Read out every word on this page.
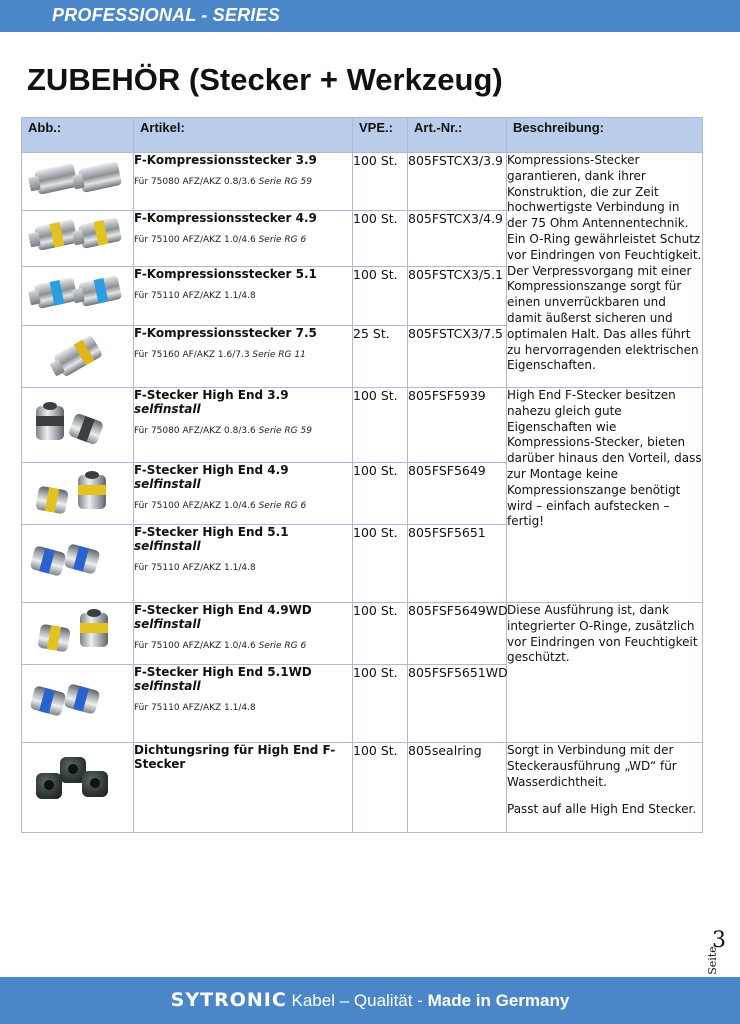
PROFESSIONAL - SERIES
ZUBEHÖR (Stecker + Werkzeug)
Abb.:	Artikel:	VPE.:	Art.-Nr.:	Beschreibung:

	F-Kompressionsstecker 3.9
Für 75080 AFZ/AKZ 0.8/3.6 Serie RG 59	100 St.	805FSTCX3/3.9	Kompressions-Stecker garantieren, dank ihrer Konstruktion, die zur Zeit hochwertigste Verbindung in der 75 Ohm Antennentechnik. Ein O-Ring gewährleistet Schutz vor Eindringen von Feuchtigkeit. Der Verpressvorgang mit einer Kompressionszange sorgt für einen unverrückbaren und damit äußerst sicheren und optimalen Halt. Das alles führt zu hervorragenden elektrischen Eigenschaften.

	F-Kompressionsstecker 4.9
Für 75100 AFZ/AKZ 1.0/4.6 Serie RG 6	100 St.	805FSTCX3/4.9	

	F-Kompressionsstecker 5.1
Für 75110 AFZ/AKZ 1.1/4.8	100 St.	805FSTCX3/5.1	

	F-Kompressionsstecker 7.5
Für 75160 AF/AKZ 1.6/7.3 Serie RG 11	25 St.	805FSTCX3/7.5	

	F-Stecker High End 3.9 selfinstall
Für 75080 AFZ/AKZ 0.8/3.6 Serie RG 59	100 St.	805FSF5939	High End F-Stecker besitzen nahezu gleich gute Eigenschaften wie Kompressions-Stecker, bieten darüber hinaus den Vorteil, dass zur Montage keine Kompressionszange benötigt wird – einfach aufstecken – fertig!

	F-Stecker High End 4.9 selfinstall
Für 75100 AFZ/AKZ 1.0/4.6 Serie RG 6	100 St.	805FSF5649	

	F-Stecker High End 5.1 selfinstall
Für 75110 AFZ/AKZ 1.1/4.8	100 St.	805FSF5651	

	F-Stecker High End 4.9WD selfinstall
Für 75100 AFZ/AKZ 1.0/4.6 Serie RG 6	100 St.	805FSF5649WD	Diese Ausführung ist, dank integrierter O-Ringe, zusätzlich vor Eindringen von Feuchtigkeit geschützt.

	F-Stecker High End 5.1WD selfinstall
Für 75110 AFZ/AKZ 1.1/4.8	100 St.	805FSF5651WD	

	Dichtungsring für High End F-Stecker	100 St.	805sealring	Sorgt in Verbindung mit der Steckerausführung „WD“ für Wasserdichtheit.
Passt auf alle High End Stecker.
Seite
3
SYTRONIC Kabel – Qualität - Made in Germany
